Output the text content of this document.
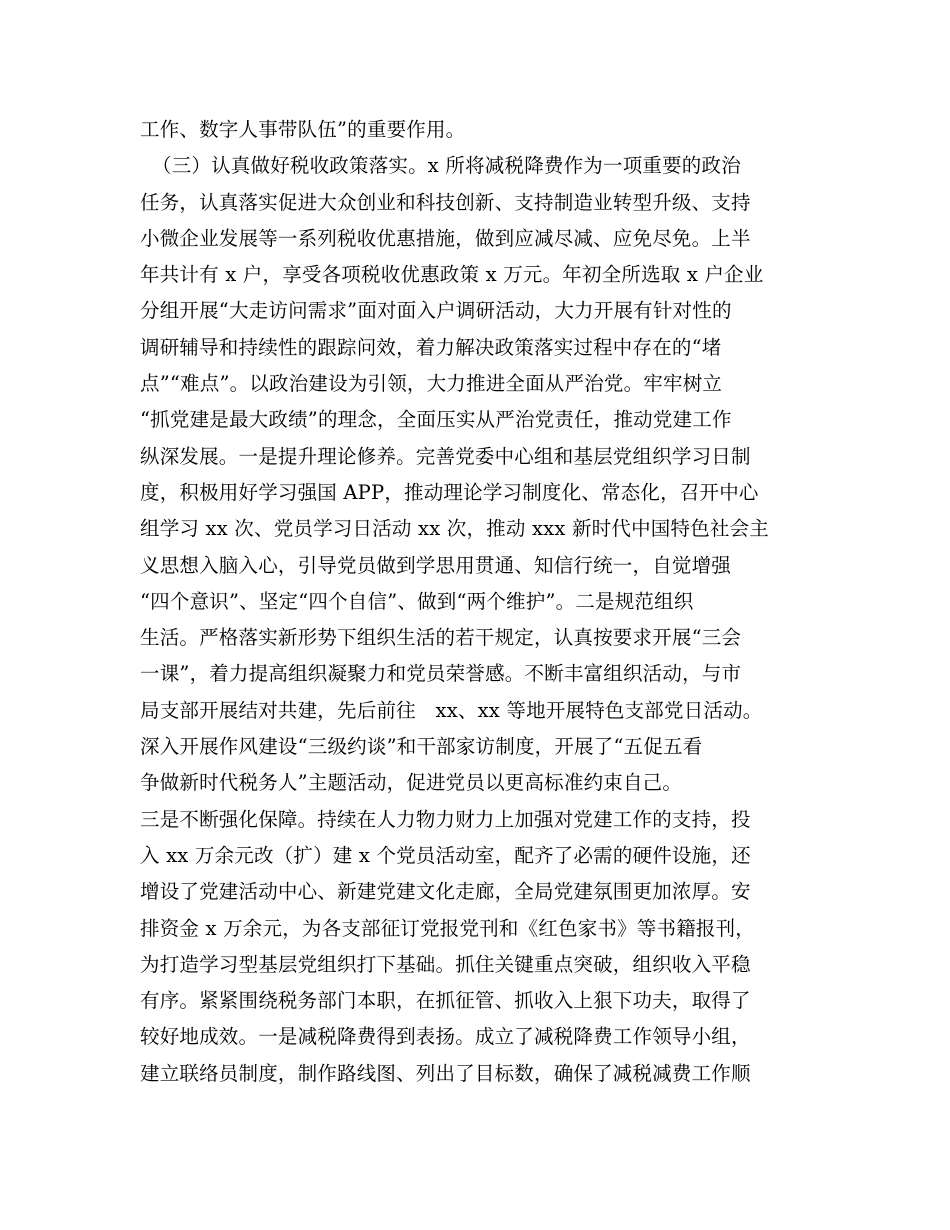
工作、数字人事带队伍”的重要作用。
（三）认真做好税收政策落实。x 所将减税降费作为一项重要的政治
任务，认真落实促进大众创业和科技创新、支持制造业转型升级、支持
小微企业发展等一系列税收优惠措施，做到应减尽减、应免尽免。上半
年共计有 x 户，享受各项税收优惠政策 x 万元。年初全所选取 x 户企业
分组开展“大走访问需求”面对面入户调研活动，大力开展有针对性的
调研辅导和持续性的跟踪问效，着力解决政策落实过程中存在的“堵
点”“难点”。以政治建设为引领，大力推进全面从严治党。牢牢树立
“抓党建是最大政绩”的理念，全面压实从严治党责任，推动党建工作
纵深发展。一是提升理论修养。完善党委中心组和基层党组织学习日制
度，积极用好学习强国 APP，推动理论学习制度化、常态化，召开中心
组学习 xx 次、党员学习日活动 xx 次，推动 xxx 新时代中国特色社会主
义思想入脑入心，引导党员做到学思用贯通、知信行统一，自觉增强
“四个意识”、坚定“四个自信”、做到“两个维护”。二是规范组织
生活。严格落实新形势下组织生活的若干规定，认真按要求开展“三会
一课”，着力提高组织凝聚力和党员荣誉感。不断丰富组织活动，与市
局支部开展结对共建，先后前往　xx、xx 等地开展特色支部党日活动。
深入开展作风建设“三级约谈”和干部家访制度，开展了“五促五看
争做新时代税务人”主题活动，促进党员以更高标准约束自己。
三是不断强化保障。持续在人力物力财力上加强对党建工作的支持，投
入 xx 万余元改（扩）建 x 个党员活动室，配齐了必需的硬件设施，还
增设了党建活动中心、新建党建文化走廊，全局党建氛围更加浓厚。安
排资金 x 万余元，为各支部征订党报党刊和《红色家书》等书籍报刊，
为打造学习型基层党组织打下基础。抓住关键重点突破，组织收入平稳
有序。紧紧围绕税务部门本职，在抓征管、抓收入上狠下功夫，取得了
较好地成效。一是减税降费得到表扬。成立了减税降费工作领导小组，
建立联络员制度，制作路线图、列出了目标数，确保了减税减费工作顺
